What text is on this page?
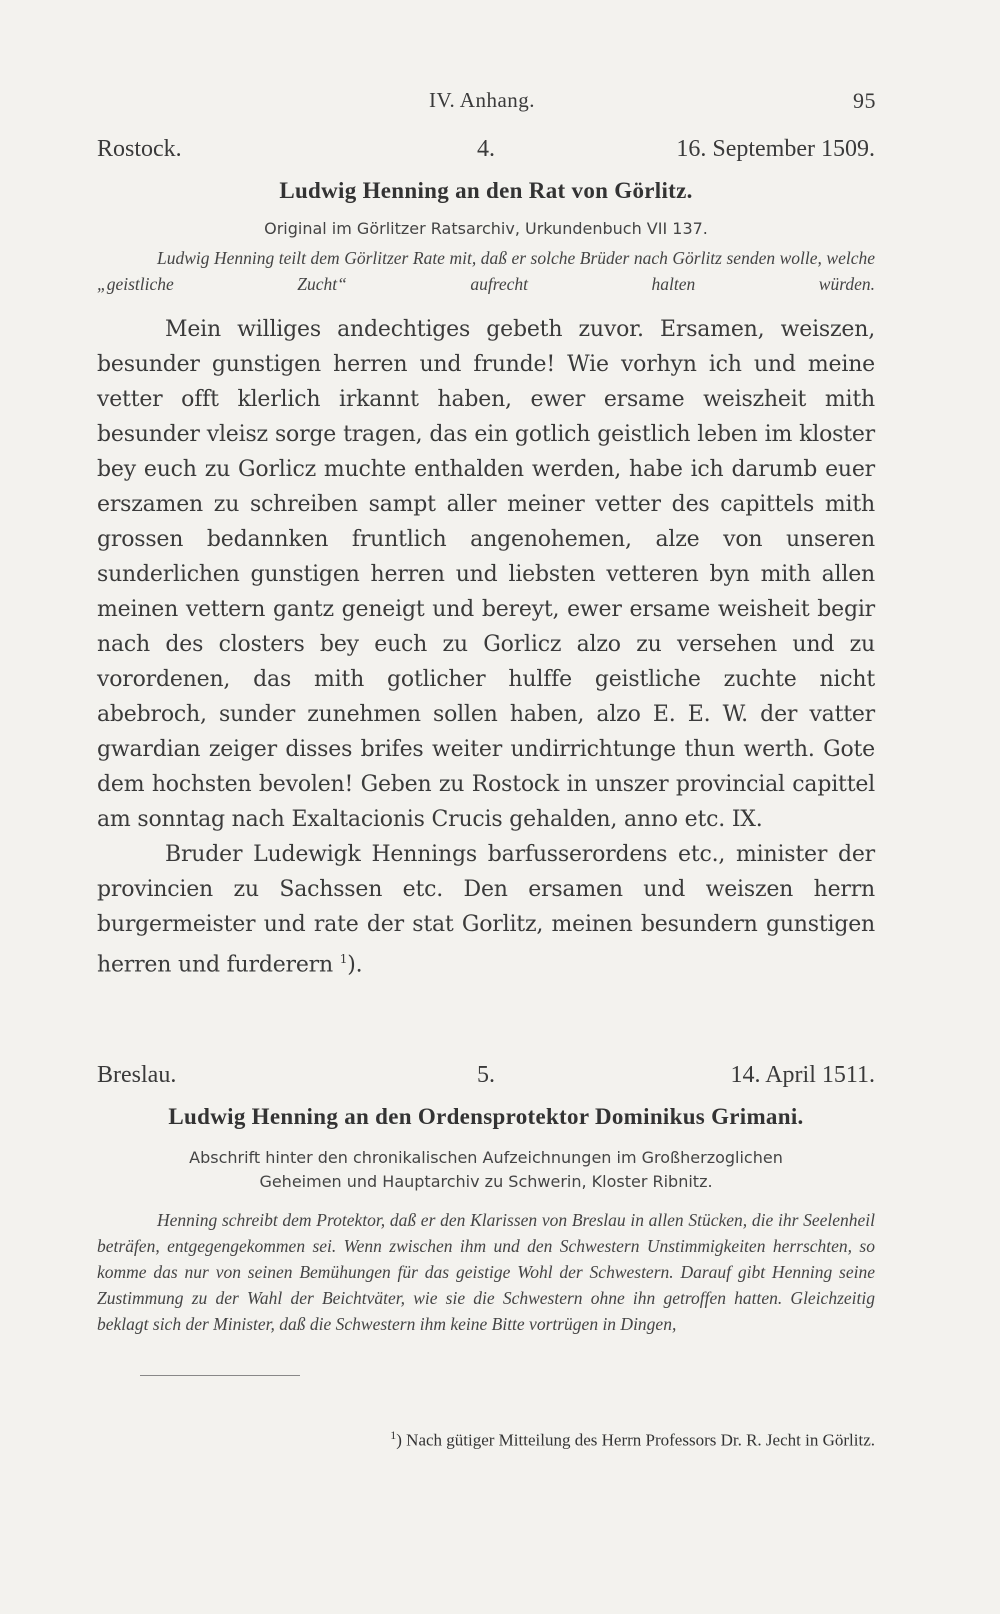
IV. Anhang.	95
Rostock.	4.	16. September 1509.
Ludwig Henning an den Rat von Görlitz.
Original im Görlitzer Ratsarchiv, Urkundenbuch VII 137.

Ludwig Henning teilt dem Görlitzer Rate mit, daß er solche Brüder nach Görlitz senden wolle, welche „geistliche Zucht“ aufrecht halten würden.

Mein williges andechtiges gebeth zuvor. Ersamen, weiszen, besunder gunstigen herren und frunde! Wie vorhyn ich und meine vetter offt klerlich irkannt haben, ewer ersame weiszheit mith besunder vleisz sorge tragen, das ein gotlich geistlich leben im kloster bey euch zu Gorlicz muchte enthalden werden, habe ich darumb euer erszamen zu schreiben sampt aller meiner vetter des capittels mith grossen bedannken fruntlich angenohemen, alze von unseren sunderlichen gunstigen herren und liebsten vetteren byn mith allen meinen vettern gantz geneigt und bereyt, ewer ersame weisheit begir nach des closters bey euch zu Gorlicz alzo zu versehen und zu vorordenen, das mith gotlicher hulffe geistliche zuchte nicht abebroch, sunder zunehmen sollen haben, alzo E. E. W. der vatter gwardian zeiger disses brifes weiter undirrichtunge thun werth. Gote dem hochsten bevolen! Geben zu Rostock in unszer provincial capittel am sonntag nach Exaltacionis Crucis gehalden, anno etc. IX.

Bruder Ludewigk Hennings barfusserordens etc., minister der provincien zu Sachssen etc. Den ersamen und weiszen herrn burgermeister und rate der stat Gorlitz, meinen besundern gunstigen herren und furderern $^1$).

Breslau.	5.	14. April 1511.
Ludwig Henning an den Ordensprotektor Dominikus Grimani.
Abschrift hinter den chronikalischen Aufzeichnungen im Großherzoglichen
Geheimen und Hauptarchiv zu Schwerin, Kloster Ribnitz.

Henning schreibt dem Protektor, daß er den Klarissen von Breslau in allen Stücken, die ihr Seelenheil beträfen, entgegengekommen sei. Wenn zwischen ihm und den Schwestern Unstimmigkeiten herrschten, so komme das nur von seinen Bemühungen für das geistige Wohl der Schwestern. Darauf gibt Henning seine Zustimmung zu der Wahl der Beichtväter, wie sie die Schwestern ohne ihn getroffen hatten. Gleichzeitig beklagt sich der Minister, daß die Schwestern ihm keine Bitte vortrügen in Dingen,

$^1$) Nach gütiger Mitteilung des Herrn Professors Dr. R. Jecht in Görlitz.
